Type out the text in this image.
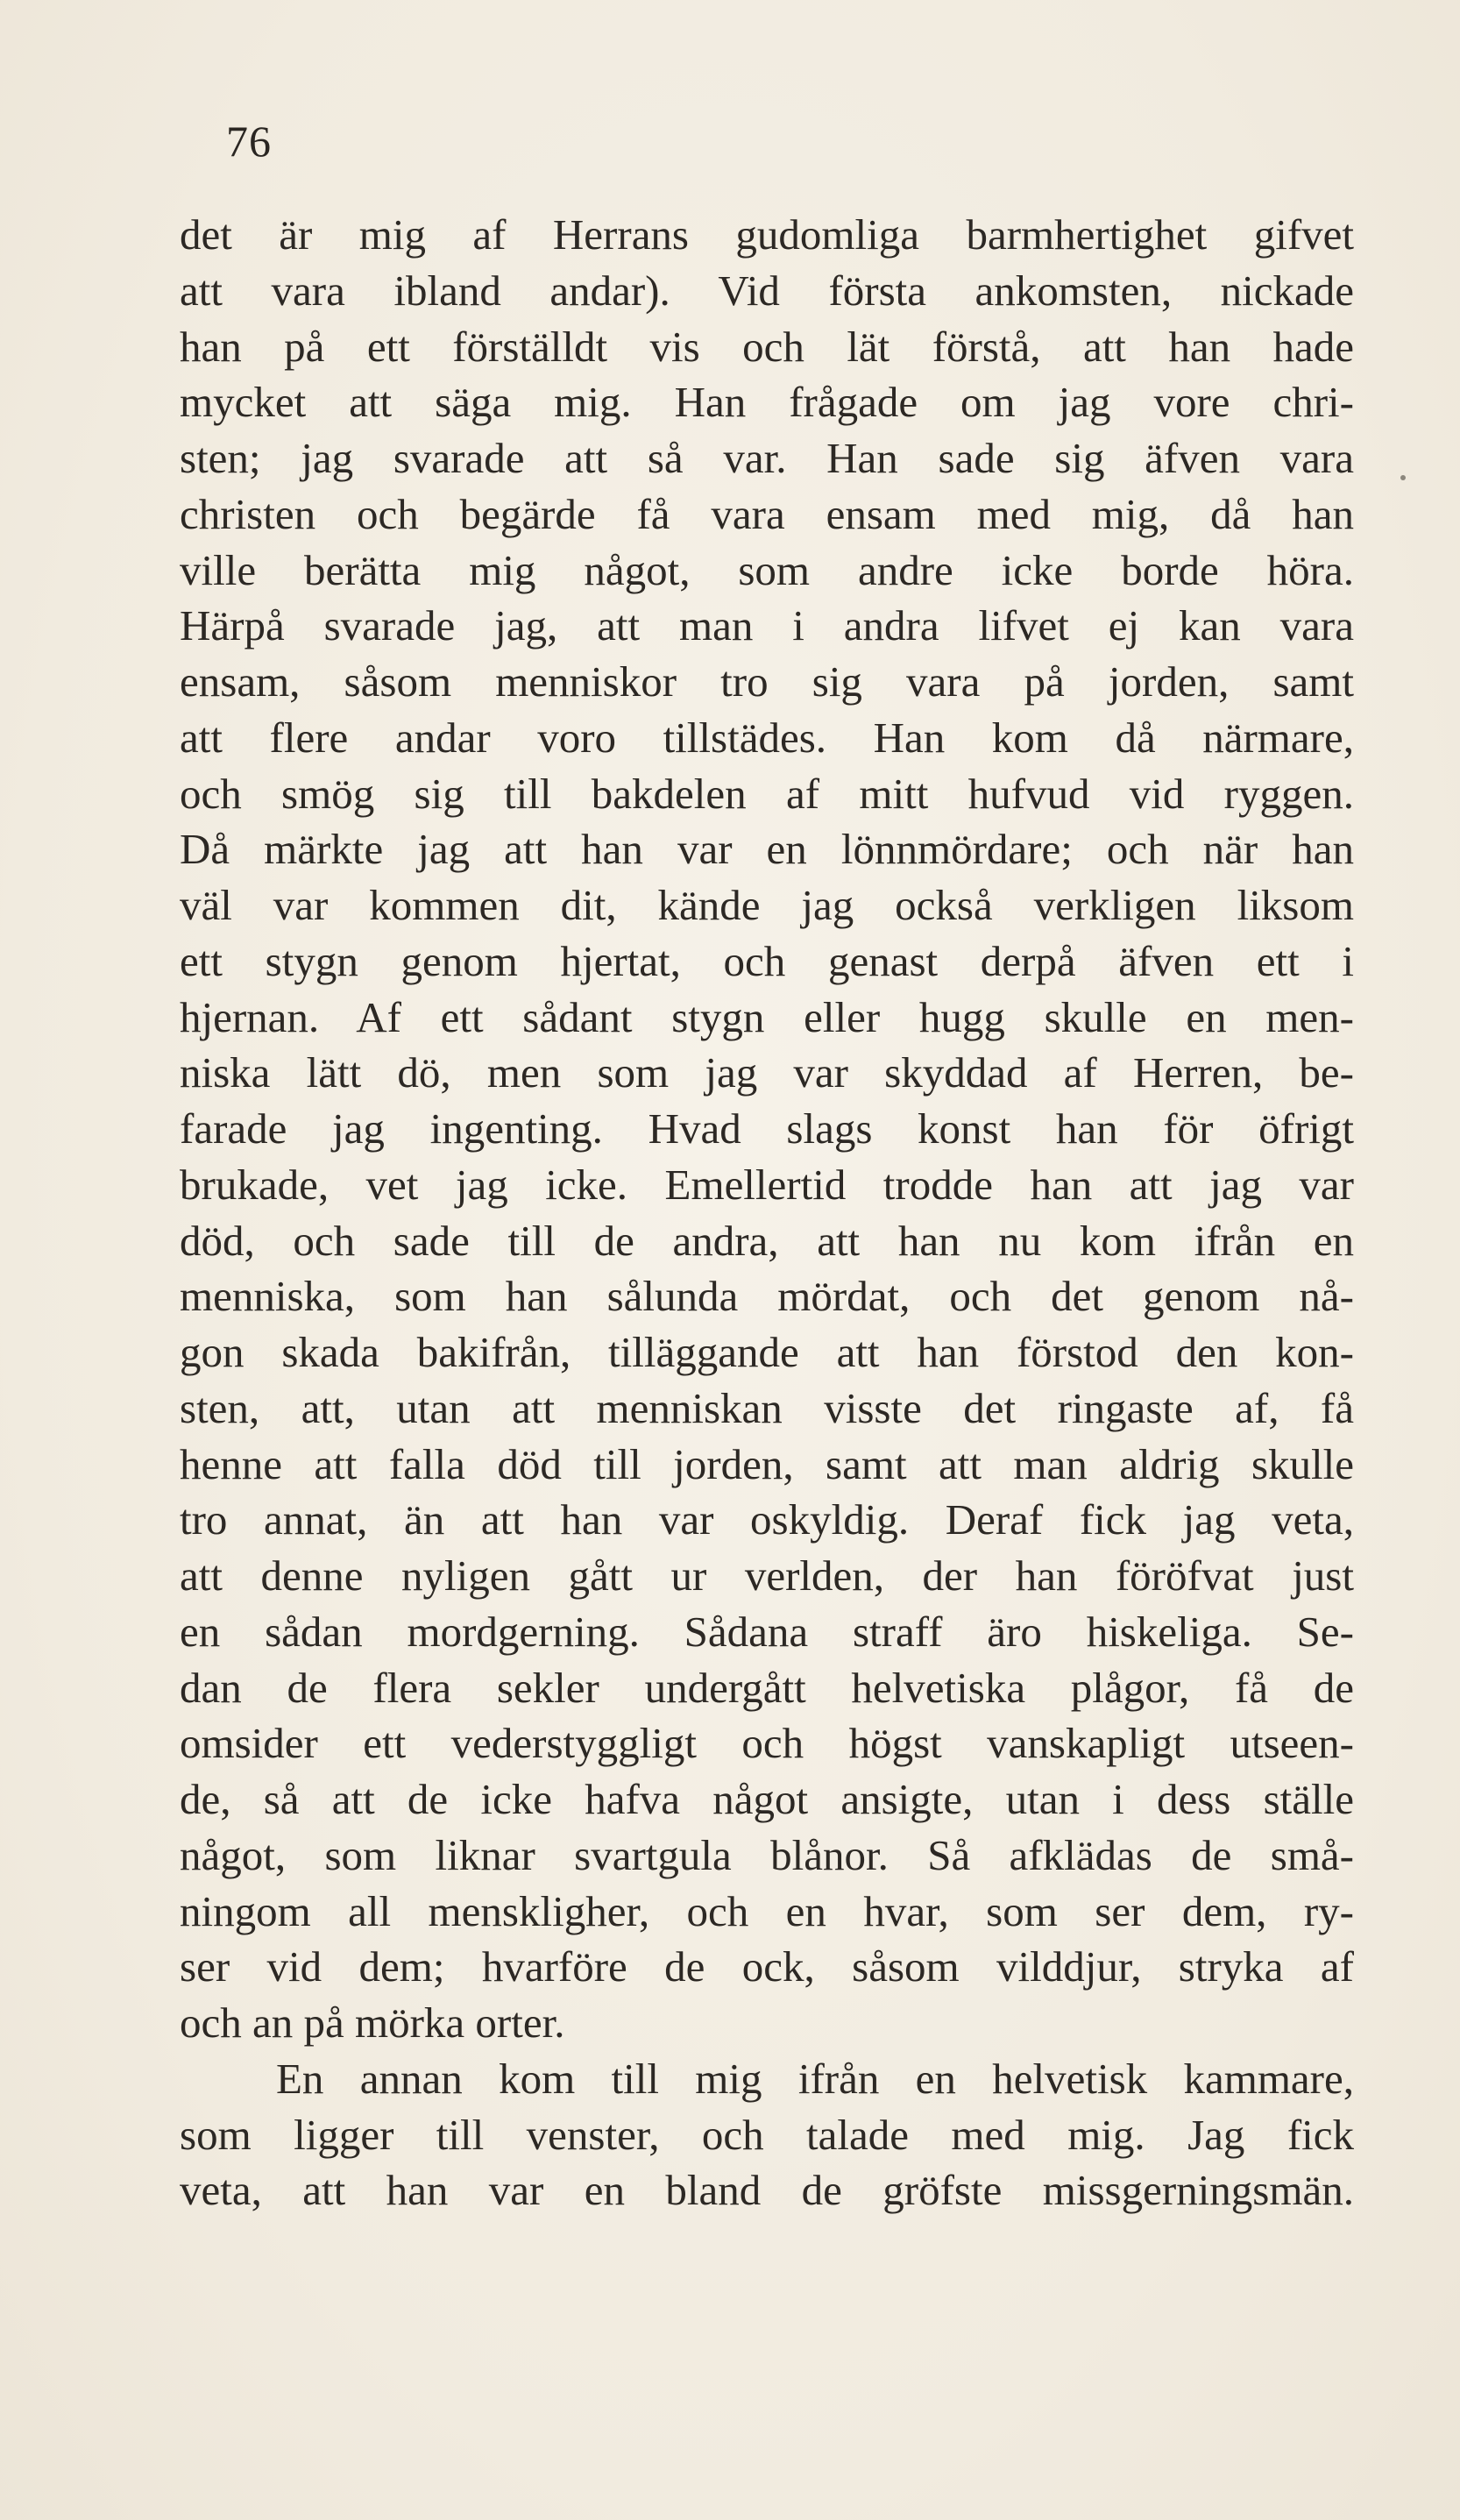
76
det är mig af Herrans gudomliga barmhertighet gifvet
att vara ibland andar). Vid första ankomsten, nickade
han på ett förställdt vis och lät förstå, att han hade
mycket att säga mig. Han frågade om jag vore chri-
sten; jag svarade att så var. Han sade sig äfven vara
christen och begärde få vara ensam med mig, då han
ville berätta mig något, som andre icke borde höra.
Härpå svarade jag, att man i andra lifvet ej kan vara
ensam, såsom menniskor tro sig vara på jorden, samt
att flere andar voro tillstädes. Han kom då närmare,
och smög sig till bakdelen af mitt hufvud vid ryggen.
Då märkte jag att han var en lönnmördare; och när han
väl var kommen dit, kände jag också verkligen liksom
ett stygn genom hjertat, och genast derpå äfven ett i
hjernan. Af ett sådant stygn eller hugg skulle en men-
niska lätt dö, men som jag var skyddad af Herren, be-
farade jag ingenting. Hvad slags konst han för öfrigt
brukade, vet jag icke. Emellertid trodde han att jag var
död, och sade till de andra, att han nu kom ifrån en
menniska, som han sålunda mördat, och det genom nå-
gon skada bakifrån, tilläggande att han förstod den kon-
sten, att, utan att menniskan visste det ringaste af, få
henne att falla död till jorden, samt att man aldrig skulle
tro annat, än att han var oskyldig. Deraf fick jag veta,
att denne nyligen gått ur verlden, der han föröfvat just
en sådan mordgerning. Sådana straff äro hiskeliga. Se-
dan de flera sekler undergått helvetiska plågor, få de
omsider ett vederstyggligt och högst vanskapligt utseen-
de, så att de icke hafva något ansigte, utan i dess ställe
något, som liknar svartgula blånor. Så afklädas de små-
ningom all menskligher, och en hvar, som ser dem, ry-
ser vid dem; hvarföre de ock, såsom vilddjur, stryka af
och an på mörka orter.
En annan kom till mig ifrån en helvetisk kammare,
som ligger till venster, och talade med mig. Jag fick
veta, att han var en bland de gröfste missgerningsmän.
